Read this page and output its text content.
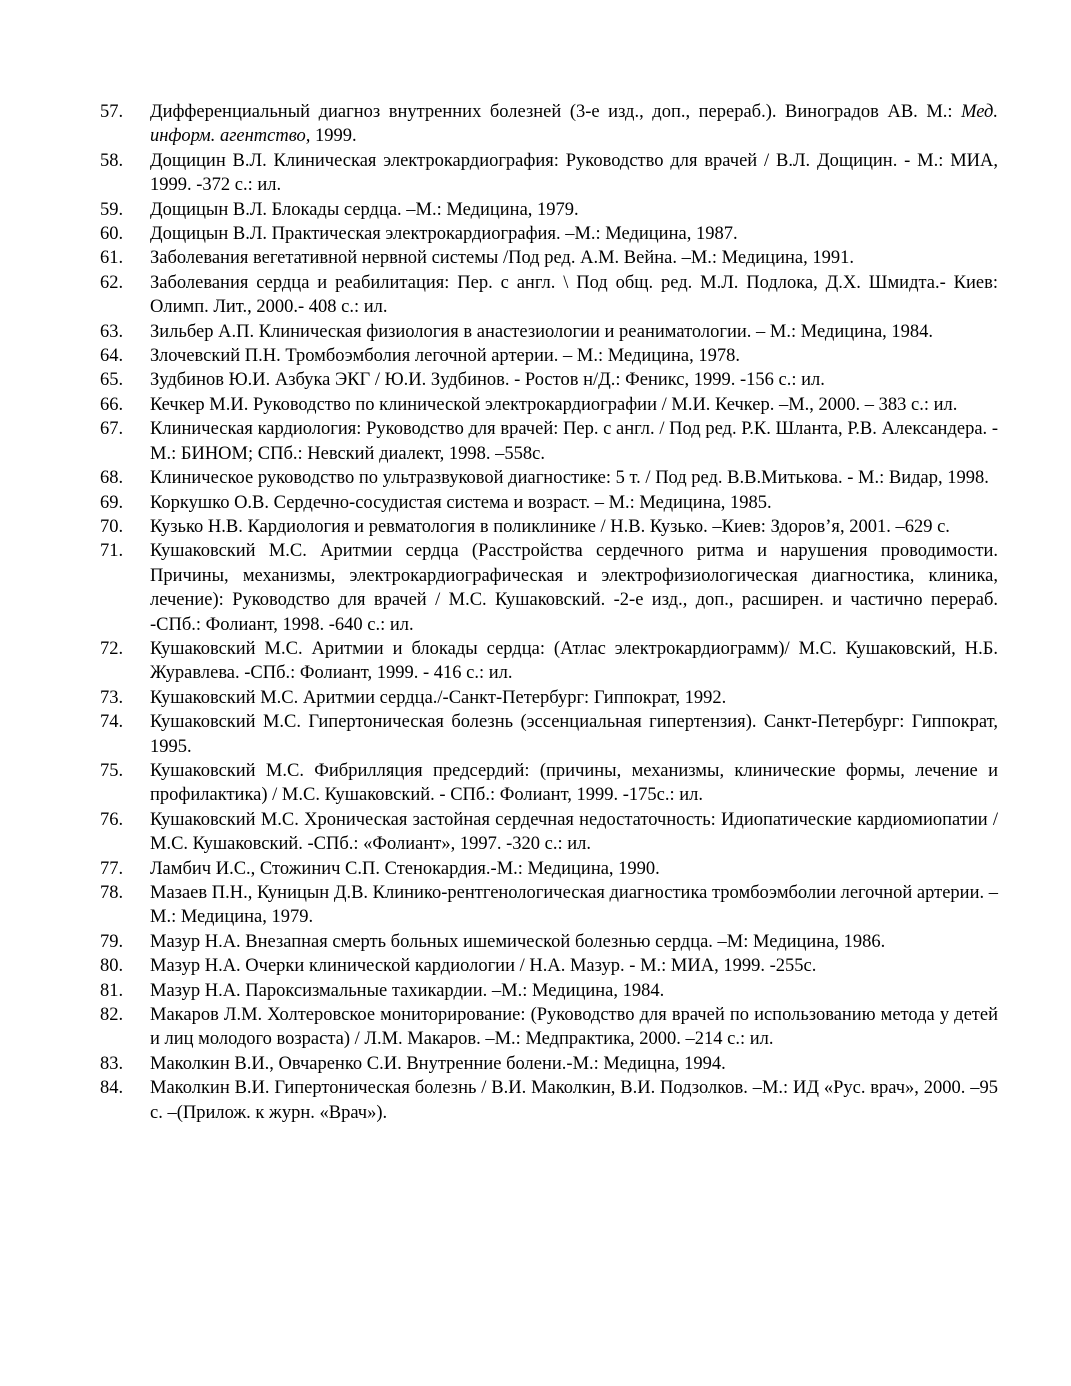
57.	Дифференциальный диагноз внутренних болезней (3-е изд., доп., перераб.). Виноградов АВ. М.: Мед. информ. агентство, 1999.
58.	Дощицин В.Л. Клиническая электрокардиография: Руководство для врачей / В.Л. Дощицин. - М.: МИА, 1999. -372 с.: ил.
59.	Дощицын В.Л. Блокады сердца. –М.: Медицина, 1979.
60.	Дощицын В.Л. Практическая электрокардиография. –М.: Медицина, 1987.
61.	Заболевания вегетативной нервной системы /Под ред. А.М. Вейна. –М.: Медицина, 1991.
62.	Заболевания сердца и реабилитация: Пер. с англ. \ Под общ. ред. М.Л. Подлока, Д.Х. Шмидта.- Киев: Олимп. Лит., 2000.- 408 с.: ил.
63.	Зильбер А.П. Клиническая физиология в анастезиологии и реаниматологии. – М.: Медицина, 1984.
64.	Злочевский П.Н. Тромбоэмболия легочной артерии. – М.: Медицина, 1978.
65.	Зудбинов Ю.И. Азбука ЭКГ / Ю.И. Зудбинов. - Ростов н/Д.: Феникс, 1999. -156 с.: ил.
66.	Кечкер М.И. Руководство по клинической электрокардиографии / М.И. Кечкер. –М., 2000. – 383 с.: ил.
67.	Клиническая кардиология: Руководство для врачей: Пер. с англ. / Под ред. Р.К. Шланта, Р.В. Александера. - М.: БИНОМ; СПб.: Невский диалект, 1998. –558с.
68.	Клиническое руководство по ультразвуковой диагностике: 5 т. / Под ред. В.В.Митькова. - М.: Видар, 1998.
69.	Коркушко О.В. Сердечно-сосудистая система и возраст. – М.: Медицина, 1985.
70.	Кузько Н.В. Кардиология и ревматология в поликлинике / Н.В. Кузько. –Киев: Здоров’я, 2001. –629 с.
71.	Кушаковский М.С. Аритмии сердца (Расстройства сердечного ритма и нарушения проводимости. Причины, механизмы, электрокардиографическая и электрофизиологическая диагностика, клиника, лечение): Руководство для врачей / М.С. Кушаковский. -2-е изд., доп., расширен. и частично перераб. -СПб.: Фолиант, 1998. -640 с.: ил.
72.	Кушаковский М.С. Аритмии и блокады сердца: (Атлас электрокардиограмм)/ М.С. Кушаковский, Н.Б. Журавлева. -СПб.: Фолиант, 1999. - 416 с.: ил.
73.	Кушаковский М.С. Аритмии сердца./-Санкт-Петербург: Гиппократ, 1992.
74.	Кушаковский М.С. Гипертоническая болезнь (эссенциальная гипертензия). Санкт-Петербург: Гиппократ, 1995.
75.	Кушаковский М.С. Фибрилляция предсердий: (причины, механизмы, клинические формы, лечение и профилактика) / М.С. Кушаковский. - СПб.: Фолиант, 1999. -175с.: ил.
76.	Кушаковский М.С. Хроническая застойная сердечная недостаточность: Идиопатические кардиомиопатии / М.С. Кушаковский. -СПб.: «Фолиант», 1997. -320 с.: ил.
77.	Ламбич И.С., Стожинич С.П. Стенокардия.-М.: Медицина, 1990.
78.	Мазаев П.Н., Куницын Д.В. Клинико-рентгенологическая диагностика тромбоэмболии легочной артерии. –М.: Медицина, 1979.
79.	Мазур Н.А. Внезапная смерть больных ишемической болезнью сердца. –М: Медицина, 1986.
80.	Мазур Н.А. Очерки клинической кардиологии / Н.А. Мазур. - М.: МИА, 1999. -255с.
81.	Мазур Н.А. Пароксизмальные тахикардии. –М.: Медицина, 1984.
82.	Макаров Л.М. Холтеровское мониторирование: (Руководство для врачей по использованию метода у детей и лиц молодого возраста) / Л.М. Макаров. –М.: Медпрактика, 2000. –214 с.: ил.
83.	Маколкин В.И., Овчаренко С.И. Внутренние болени.-М.: Медицна, 1994.
84.	Маколкин В.И. Гипертоническая болезнь / В.И. Маколкин, В.И. Подзолков. –М.: ИД «Рус. врач», 2000. –95 с. –(Прилож. к журн. «Врач»).
